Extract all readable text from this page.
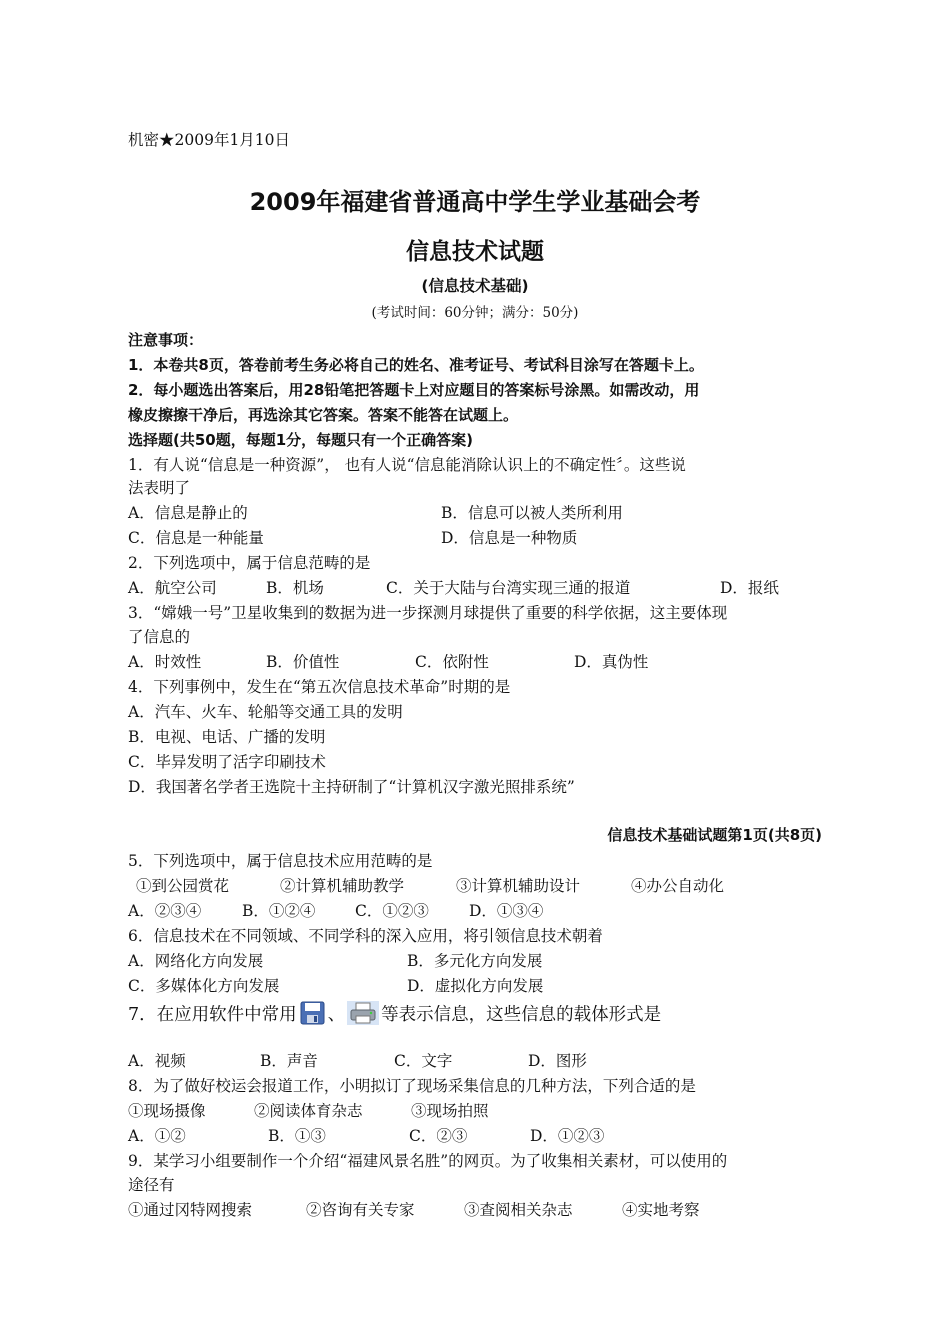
机密★2009年1月10日
2009年福建省普通高中学生学业基础会考
信息技术试题
(信息技术基础)
(考试时间：60分钟；满分：50分)
注意事项：
1．本卷共8页，答卷前考生务必将自己的姓名、准考证号、考试科目涂写在答题卡上。
2．每小题选出答案后，用28铅笔把答题卡上对应题目的答案标号涂黑。如需改动，用
橡皮擦擦干净后，再选涂其它答案。答案不能答在试题上。
选择题(共50题，每题1分，每题只有一个正确答案)
1．有人说“信息是一种资源”， 也有人说“信息能消除认识上的不确定性〞。这些说
法表明了
A．信息是静止的	B．信息可以被人类所利用
C．信息是一种能量	D．信息是一种物质
2．下列选项中，属于信息范畴的是
A．航空公司	B．机场	C．关于大陆与台湾实现三通的报道	D．报纸
3．“嫦娥一号”卫星收集到的数据为进一步探测月球提供了重要的科学依据，这主要体现
了信息的
A．时效性	B．价值性	C．依附性	D．真伪性
4．下列事例中，发生在“第五次信息技术革命”时期的是
A．汽车、火车、轮船等交通工具的发明
B．电视、电话、广播的发明
C．毕异发明了活字印刷技术
D．我国著名学者王选院十主持研制了“计算机汉字激光照排系统”
信息技术基础试题第1页(共8页)
5．下列选项中，属于信息技术应用范畴的是
①到公园赏花	②计算机辅助教学	③计算机辅助设计	④办公自动化
A．②③④	B．①②④	C．①②③	D．①③④
6．信息技术在不同领域、不同学科的深入应用，将引领信息技术朝着
A．网络化方向发展	B．多元化方向发展
C．多媒体化方向发展	D．虚拟化方向发展
7．在应用软件中常用 、 等表示信息，这些信息的载体形式是
A．视频	B．声音	C．文字	D．图形
8．为了做好校运会报道工作，小明拟订了现场采集信息的几种方法，下列合适的是
①现场摄像	②阅读体育杂志	③现场拍照
A．①②	B．①③	C．②③	D．①②③
9．某学习小组要制作一个介绍“福建风景名胜”的网页。为了收集相关素材，可以使用的
途径有
①通过冈特网搜索	②咨询有关专家	③查阅相关杂志	④实地考察
